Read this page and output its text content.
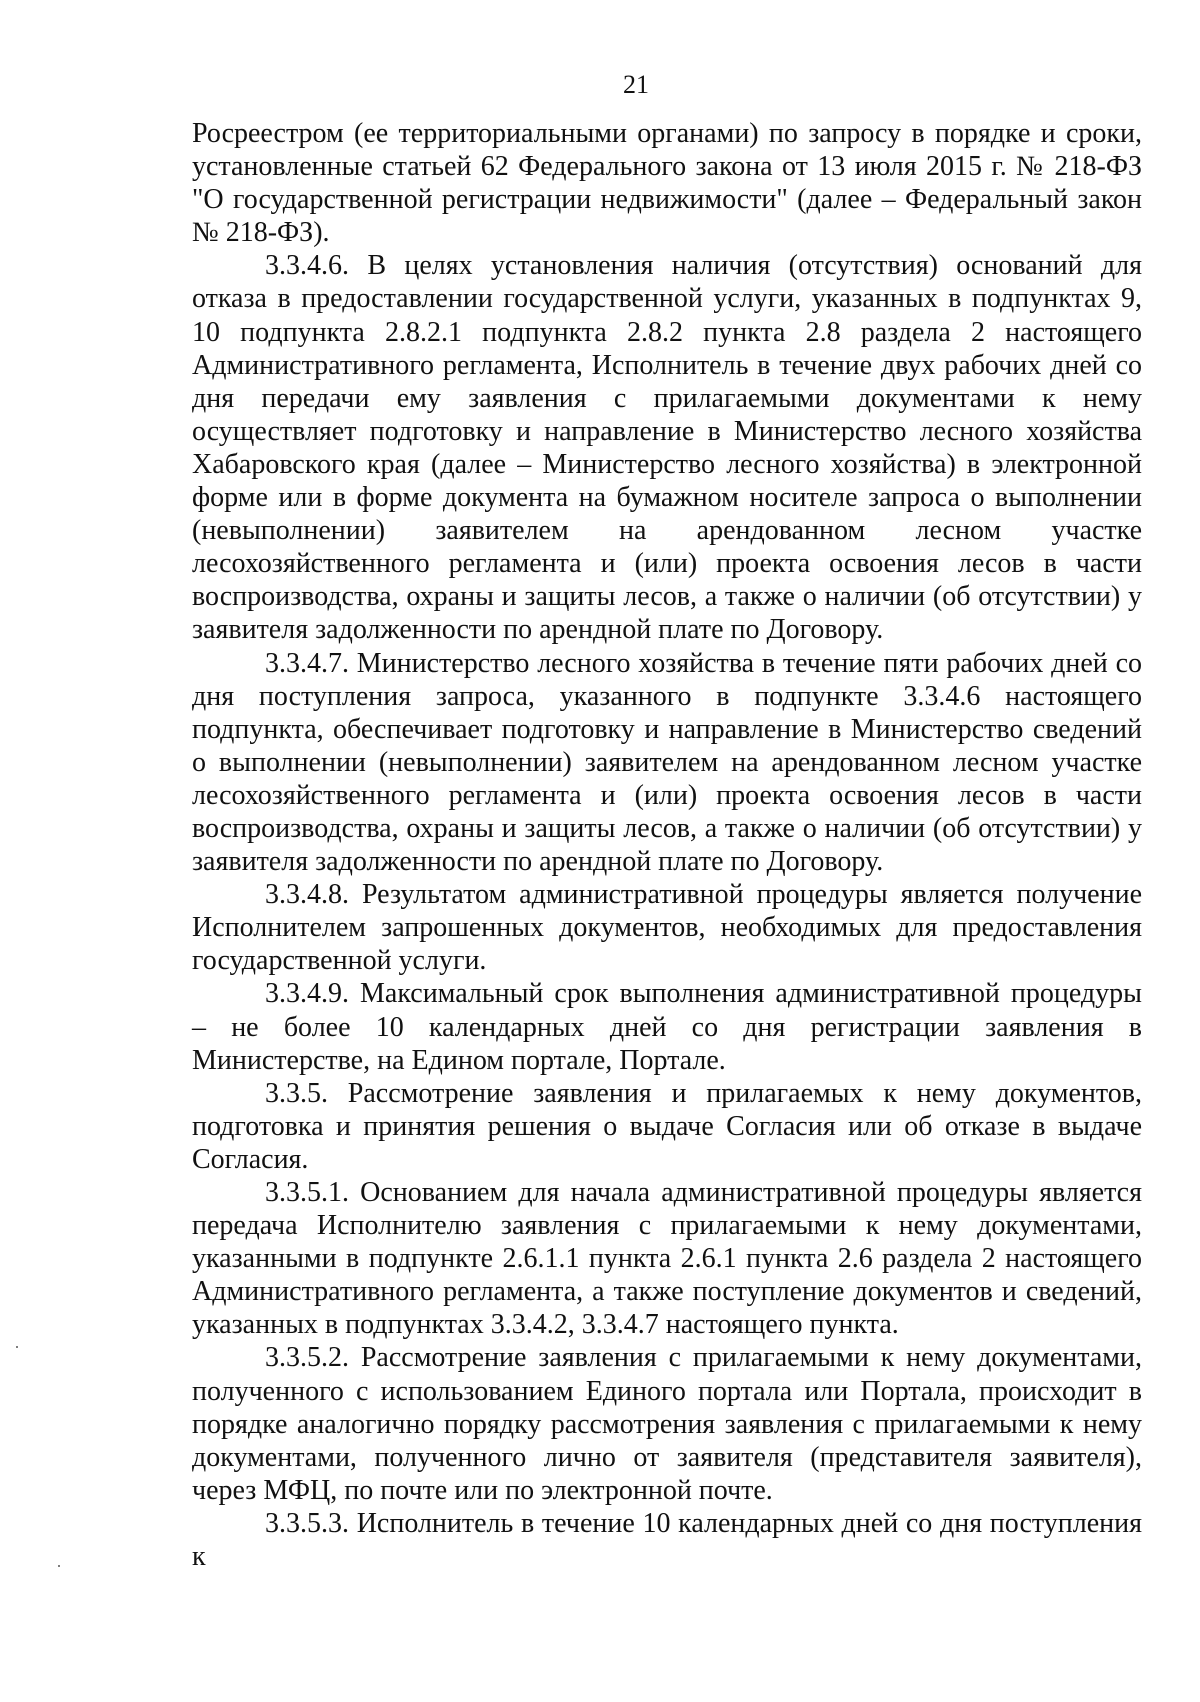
21

Росреестром (ее территориальными органами) по запросу в порядке и сроки, установленные статьей 62 Федерального закона от 13 июля 2015 г. № 218-ФЗ "О государственной регистрации недвижимости" (далее – Федеральный закон № 218-ФЗ).

3.3.4.6. В целях установления наличия (отсутствия) оснований для отказа в предоставлении государственной услуги, указанных в подпунктах 9, 10 подпункта 2.8.2.1 подпункта 2.8.2 пункта 2.8 раздела 2 настоящего Административного регламента, Исполнитель в течение двух рабочих дней со дня передачи ему заявления с прилагаемыми документами к нему осуществляет подготовку и направление в Министерство лесного хозяйства Хабаровского края (далее – Министерство лесного хозяйства) в электронной форме или в форме документа на бумажном носителе запроса о выполнении (невыполнении) заявителем на арендованном лесном участке лесохозяйственного регламента и (или) проекта освоения лесов в части воспроизводства, охраны и защиты лесов, а также о наличии (об отсутствии) у заявителя задолженности по арендной плате по Договору.

3.3.4.7. Министерство лесного хозяйства в течение пяти рабочих дней со дня поступления запроса, указанного в подпункте 3.3.4.6 настоящего подпункта, обеспечивает подготовку и направление в Министерство сведений о выполнении (невыполнении) заявителем на арендованном лесном участке лесохозяйственного регламента и (или) проекта освоения лесов в части воспроизводства, охраны и защиты лесов, а также о наличии (об отсутствии) у заявителя задолженности по арендной плате по Договору.

3.3.4.8. Результатом административной процедуры является получение Исполнителем запрошенных документов, необходимых для предоставления государственной услуги.

3.3.4.9. Максимальный срок выполнения административной процедуры – не более 10 календарных дней со дня регистрации заявления в Министерстве, на Едином портале, Портале.

3.3.5. Рассмотрение заявления и прилагаемых к нему документов, подготовка и принятия решения о выдаче Согласия или об отказе в выдаче Согласия.

3.3.5.1. Основанием для начала административной процедуры является передача Исполнителю заявления с прилагаемыми к нему документами, указанными в подпункте 2.6.1.1 пункта 2.6.1 пункта 2.6 раздела 2 настоящего Административного регламента, а также поступление документов и сведений, указанных в подпунктах 3.3.4.2, 3.3.4.7 настоящего пункта.

3.3.5.2. Рассмотрение заявления с прилагаемыми к нему документами, полученного с использованием Единого портала или Портала, происходит в порядке аналогично порядку рассмотрения заявления с прилагаемыми к нему документами, полученного лично от заявителя (представителя заявителя), через МФЦ, по почте или по электронной почте.

3.3.5.3. Исполнитель в течение 10 календарных дней со дня поступления к
